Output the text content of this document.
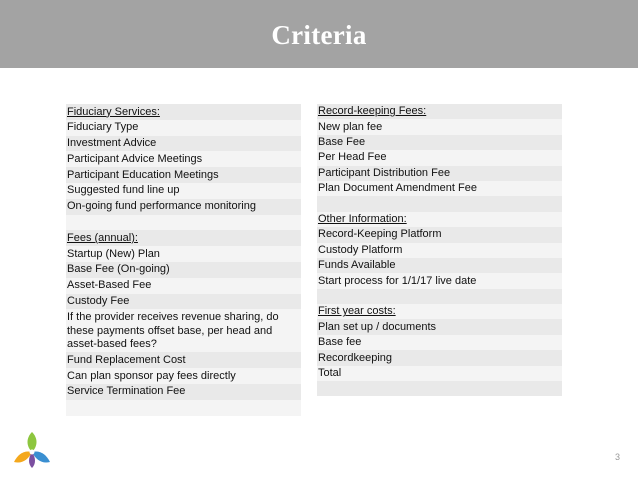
Criteria
Fiduciary Services:
Fiduciary Type
Investment Advice
Participant Advice Meetings
Participant Education Meetings
Suggested fund line up
On-going fund performance monitoring
Fees (annual):
Startup (New) Plan
Base Fee (On-going)
Asset-Based Fee
Custody Fee
If the provider receives revenue sharing, do these payments offset base, per head and asset-based fees?
Fund Replacement Cost
Can plan sponsor pay fees directly
Service Termination Fee
Record-keeping Fees:
New plan fee
Base Fee
Per Head Fee
Participant Distribution Fee
Plan Document Amendment Fee
Other Information:
Record-Keeping Platform
Custody Platform
Funds Available
Start process for 1/1/17 live date
First year costs:
Plan set up / documents
Base fee
Recordkeeping
Total
3
